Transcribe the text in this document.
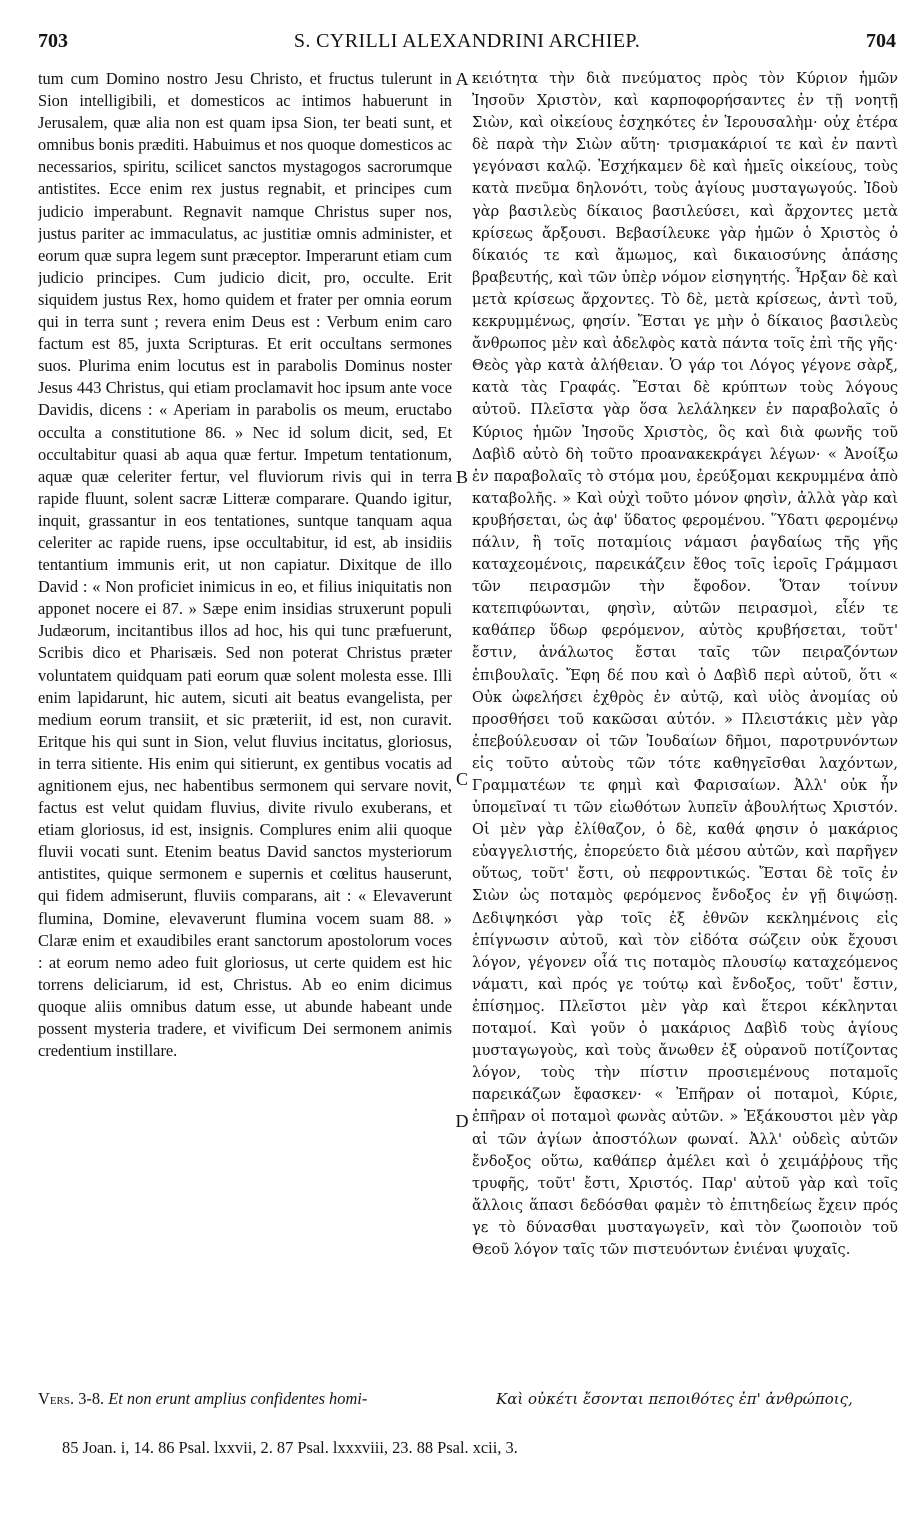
703	S. CYRILLI ALEXANDRINI ARCHIEP.	704

tum cum Domino nostro Jesu Christo, et fructus tulerunt in Sion intelligibili, et domesticos ac intimos habuerunt in Jerusalem, quæ alia non est quam ipsa Sion, ter beati sunt, et omnibus bonis præditi. Habuimus et nos quoque domesticos ac necessarios, spiritu, scilicet sanctos mystagogos sacrorumque antistites. Ecce enim rex justus regnabit, et principes cum judicio imperabunt. Regnavit namque Christus super nos, justus pariter ac immaculatus, ac justitiæ omnis administer, et eorum quæ supra legem sunt præceptor. Imperarunt etiam cum judicio principes. Cum judicio dicit, pro, occulte. Erit siquidem justus Rex, homo quidem et frater per omnia eorum qui in terra sunt ; revera enim Deus est : Verbum enim caro factum est 85, juxta Scripturas. Et erit occultans sermones suos. Plurima enim locutus est in parabolis Dominus noster Jesus 443 Christus, qui etiam proclamavit hoc ipsum ante voce Davidis, dicens : « Aperiam in parabolis os meum, eructabo occulta a constitutione 86. » Nec id solum dicit, sed, Et occultabitur quasi ab aqua quæ fertur. Impetum tentationum, aquæ quæ celeriter fertur, vel fluviorum rivis qui in terra rapide fluunt, solent sacræ Litteræ comparare. Quando igitur, inquit, grassantur in eos tentationes, suntque tanquam aqua celeriter ac rapide ruens, ipse occultabitur, id est, ab insidiis tentantium immunis erit, ut non capiatur. Dixitque de illo David : « Non proficiet inimicus in eo, et filius iniquitatis non apponet nocere ei 87. » Sæpe enim insidias struxerunt populi Judæorum, incitantibus illos ad hoc, his qui tunc præfuerunt, Scribis dico et Pharisæis. Sed non poterat Christus præter voluntatem quidquam pati eorum quæ solent molesta esse. Illi enim lapidarunt, hic autem, sicuti ait beatus evangelista, per medium eorum transiit, et sic præteriit, id est, non curavit. Eritque his qui sunt in Sion, velut fluvius incitatus, gloriosus, in terra sitiente. His enim qui sitierunt, ex gentibus vocatis ad agnitionem ejus, nec habentibus sermonem qui servare novit, factus est velut quidam fluvius, divite rivulo exuberans, et etiam gloriosus, id est, insignis. Complures enim alii quoque fluvii vocati sunt. Etenim beatus David sanctos mysteriorum antistites, quique sermonem e supernis et cœlitus hauserunt, qui fidem admiserunt, fluviis comparans, ait : « Elevaverunt flumina, Domine, elevaverunt flumina vocem suam 88. » Claræ enim et exaudibiles erant sanctorum apostolorum voces : at eorum nemo adeo fuit gloriosus, ut certe quidem est hic torrens deliciarum, id est, Christus. Ab eo enim dicimus quoque aliis omnibus datum esse, ut abunde habeant unde possent mysteria tradere, et vivificum Dei sermonem animis credentium instillare.

A
B
C
D

κειότητα τὴν διὰ πνεύματος πρὸς τὸν Κύριον ἡμῶν Ἰησοῦν Χριστὸν, καὶ καρποφορήσαντες ἐν τῇ νοητῇ Σιὼν, καὶ οἰκείους ἐσχηκότες ἐν Ἱερουσαλὴμ· οὐχ ἑτέρα δὲ παρὰ τὴν Σιὼν αὕτη· τρισμακάριοί τε καὶ ἐν παντὶ γεγόνασι καλῷ. Ἐσχήκαμεν δὲ καὶ ἡμεῖς οἰκείους, τοὺς κατὰ πνεῦμα δηλονότι, τοὺς ἁγίους μυσταγωγούς. Ἰδοὺ γὰρ βασιλεὺς δίκαιος βασιλεύσει, καὶ ἄρχοντες μετὰ κρίσεως ἄρξουσι. Βεβασίλευκε γὰρ ἡμῶν ὁ Χριστὸς ὁ δίκαιός τε καὶ ἄμωμος, καὶ δικαιοσύνης ἁπάσης βραβευτής, καὶ τῶν ὑπὲρ νόμον εἰσηγητής. Ἦρξαν δὲ καὶ μετὰ κρίσεως ἄρχοντες. Τὸ δὲ, μετὰ κρίσεως, ἀντὶ τοῦ, κεκρυμμένως, φησίν. Ἔσται γε μὴν ὁ δίκαιος βασιλεὺς ἄνθρωπος μὲν καὶ ἀδελφὸς κατὰ πάντα τοῖς ἐπὶ τῆς γῆς· Θεὸς γὰρ κατὰ ἀλήθειαν. Ὁ γάρ τοι Λόγος γέγονε σὰρξ, κατὰ τὰς Γραφάς. Ἔσται δὲ κρύπτων τοὺς λόγους αὐτοῦ. Πλεῖστα γὰρ ὅσα λελάληκεν ἐν παραβολαῖς ὁ Κύριος ἡμῶν Ἰησοῦς Χριστὸς, ὃς καὶ διὰ φωνῆς τοῦ Δαβὶδ αὐτὸ δὴ τοῦτο προανακεκράγει λέγων· « Ἀνοίξω ἐν παραβολαῖς τὸ στόμα μου, ἐρεύξομαι κεκρυμμένα ἀπὸ καταβολῆς. » Καὶ οὐχὶ τοῦτο μόνον φησὶν, ἀλλὰ γὰρ καὶ κρυβήσεται, ὡς ἀφ' ὕδατος φερομένου. Ὕδατι φερομένῳ πάλιν, ἢ τοῖς ποταμίοις νάμασι ῥαγδαίως τῆς γῆς καταχεομένοις, παρεικάζειν ἔθος τοῖς ἱεροῖς Γράμμασι τῶν πειρασμῶν τὴν ἔφοδον. Ὅταν τοίνυν κατεπιφύωνται, φησὶν, αὐτῶν πειρασμοὶ, εἶέν τε καθάπερ ὕδωρ φερόμενον, αὐτὸς κρυβήσεται, τοῦτ' ἔστιν, ἀνάλωτος ἔσται ταῖς τῶν πειραζόντων ἐπιβουλαῖς. Ἔφη δέ που καὶ ὁ Δαβὶδ περὶ αὐτοῦ, ὅτι « Οὐκ ὠφελήσει ἐχθρὸς ἐν αὐτῷ, καὶ υἱὸς ἀνομίας οὐ προσθήσει τοῦ κακῶσαι αὐτόν. » Πλειστάκις μὲν γὰρ ἐπεβούλευσαν οἱ τῶν Ἰουδαίων δῆμοι, παροτρυνόντων εἰς τοῦτο αὐτοὺς τῶν τότε καθηγεῖσθαι λαχόντων, Γραμματέων τε φημὶ καὶ Φαρισαίων. Ἀλλ' οὐκ ἦν ὑπομεῖναί τι τῶν εἰωθότων λυπεῖν ἀβουλήτως Χριστόν. Οἱ μὲν γὰρ ἐλίθαζον, ὁ δὲ, καθά φησιν ὁ μακάριος εὐαγγελιστής, ἐπορεύετο διὰ μέσου αὐτῶν, καὶ παρῆγεν οὕτως, τοῦτ' ἔστι, οὐ πεφροντικώς. Ἔσται δὲ τοῖς ἐν Σιὼν ὡς ποταμὸς φερόμενος ἔνδοξος ἐν γῇ διψώσῃ. Δεδιψηκόσι γὰρ τοῖς ἐξ ἐθνῶν κεκλημένοις εἰς ἐπίγνωσιν αὐτοῦ, καὶ τὸν εἰδότα σώζειν οὐκ ἔχουσι λόγον, γέγονεν οἷά τις ποταμὸς πλουσίῳ καταχεόμενος νάματι, καὶ πρός γε τούτῳ καὶ ἔνδοξος, τοῦτ' ἔστιν, ἐπίσημος. Πλεῖστοι μὲν γὰρ καὶ ἕτεροι κέκληνται ποταμοί. Καὶ γοῦν ὁ μακάριος Δαβὶδ τοὺς ἁγίους μυσταγωγοὺς, καὶ τοὺς ἄνωθεν ἐξ οὐρανοῦ ποτίζοντας λόγον, τοὺς τὴν πίστιν προσιεμένους ποταμοῖς παρεικάζων ἔφασκεν· « Ἐπῆραν οἱ ποταμοὶ, Κύριε, ἐπῆραν οἱ ποταμοὶ φωνὰς αὐτῶν. » Ἐξάκουστοι μὲν γὰρ αἱ τῶν ἁγίων ἀποστόλων φωναί. Ἀλλ' οὐδεὶς αὐτῶν ἔνδοξος οὕτω, καθάπερ ἀμέλει καὶ ὁ χειμάῤῥους τῆς τρυφῆς, τοῦτ' ἔστι, Χριστός. Παρ' αὐτοῦ γὰρ καὶ τοῖς ἄλλοις ἅπασι δεδόσθαι φαμὲν τὸ ἐπιτηδείως ἔχειν πρός γε τὸ δύνασθαι μυσταγωγεῖν, καὶ τὸν ζωοποιὸν τοῦ Θεοῦ λόγον ταῖς τῶν πιστευόντων ἐνιέναι ψυχαῖς.

Vers. 3-8. Et non erunt amplius confidentes homi-	Καὶ οὐκέτι ἔσονται πεποιθότες ἐπ' ἀνθρώποις,
85 Joan. i, 14. 86 Psal. lxxvii, 2. 87 Psal. lxxxviii, 23. 88 Psal. xcii, 3.
